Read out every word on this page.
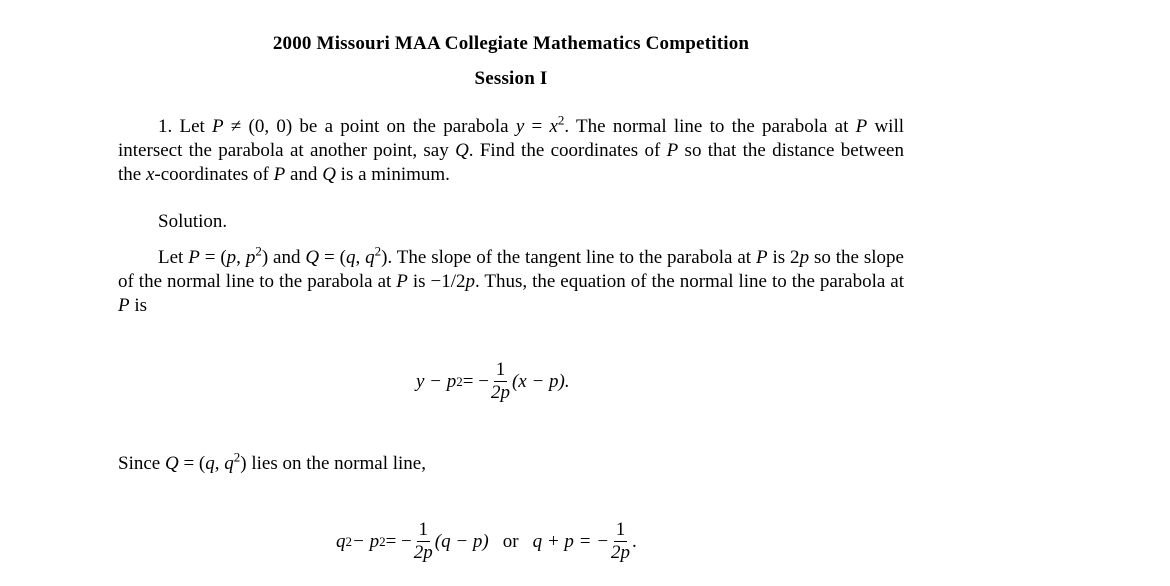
2000 Missouri MAA Collegiate Mathematics Competition
Session I
1. Let P ≠ (0, 0) be a point on the parabola $y = x^2$. The normal line to the parabola at P will intersect the parabola at another point, say Q. Find the coordinates of P so that the distance between the x-coordinates of P and Q is a minimum.
Solution.
Let P = (p, $p^2$) and Q = (q, $q^2$). The slope of the tangent line to the parabola at P is 2p so the slope of the normal line to the parabola at P is −1/2p. Thus, the equation of the normal line to the parabola at P is
y − p 2 = − $\frac{1}{2p} (x - p)$.
Since Q = (q, $q^2$) lies on the normal line,
q 2 − p 2 = − $\frac{1}{2p} (q - p)$ or q + p = − $\frac{1}{2p}$ .
